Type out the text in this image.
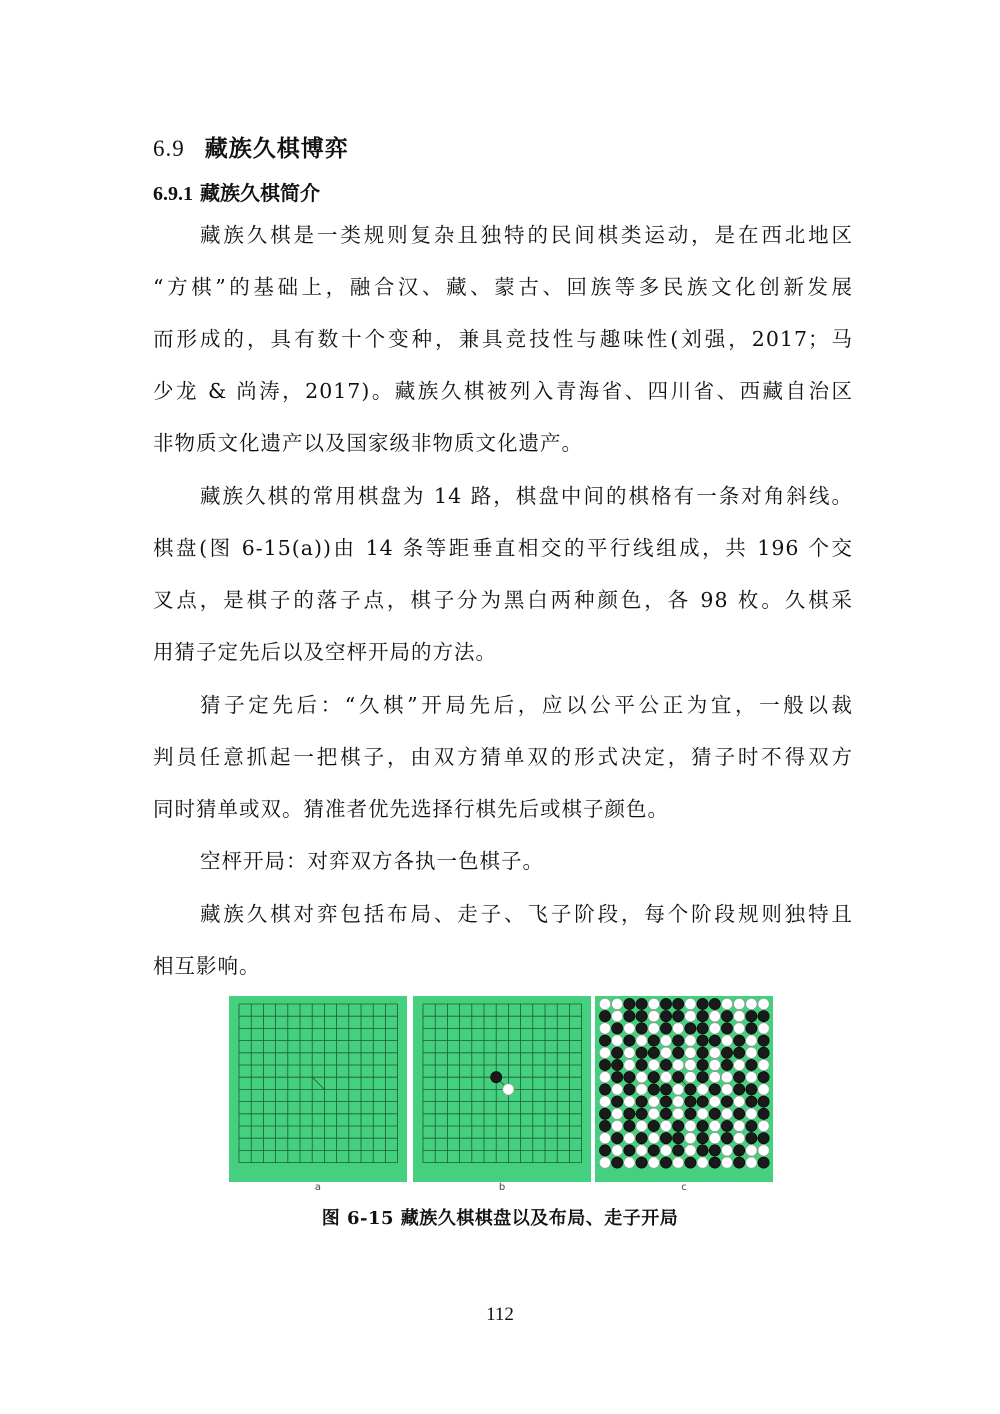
6.9 藏族久棋博弈
6.9.1 藏族久棋简介
藏族久棋是一类规则复杂且独特的民间棋类运动，是在西北地区
“方棋”的基础上，融合汉、藏、蒙古、回族等多民族文化创新发展
而形成的，具有数十个变种，兼具竞技性与趣味性(刘强，2017；马
少龙 & 尚涛，2017)。藏族久棋被列入青海省、四川省、西藏自治区
非物质文化遗产以及国家级非物质文化遗产。
藏族久棋的常用棋盘为 14 路，棋盘中间的棋格有一条对角斜线。
棋盘(图 6-15(a))由 14 条等距垂直相交的平行线组成，共 196 个交
叉点，是棋子的落子点，棋子分为黑白两种颜色，各 98 枚。久棋采
用猜子定先后以及空枰开局的方法。
猜子定先后：“久棋”开局先后，应以公平公正为宜，一般以裁
判员任意抓起一把棋子，由双方猜单双的形式决定，猜子时不得双方
同时猜单或双。猜准者优先选择行棋先后或棋子颜色。
空枰开局：对弈双方各执一色棋子。
藏族久棋对弈包括布局、走子、飞子阶段，每个阶段规则独特且
相互影响。
a	b	c
图 6-15 藏族久棋棋盘以及布局、走子开局
112
